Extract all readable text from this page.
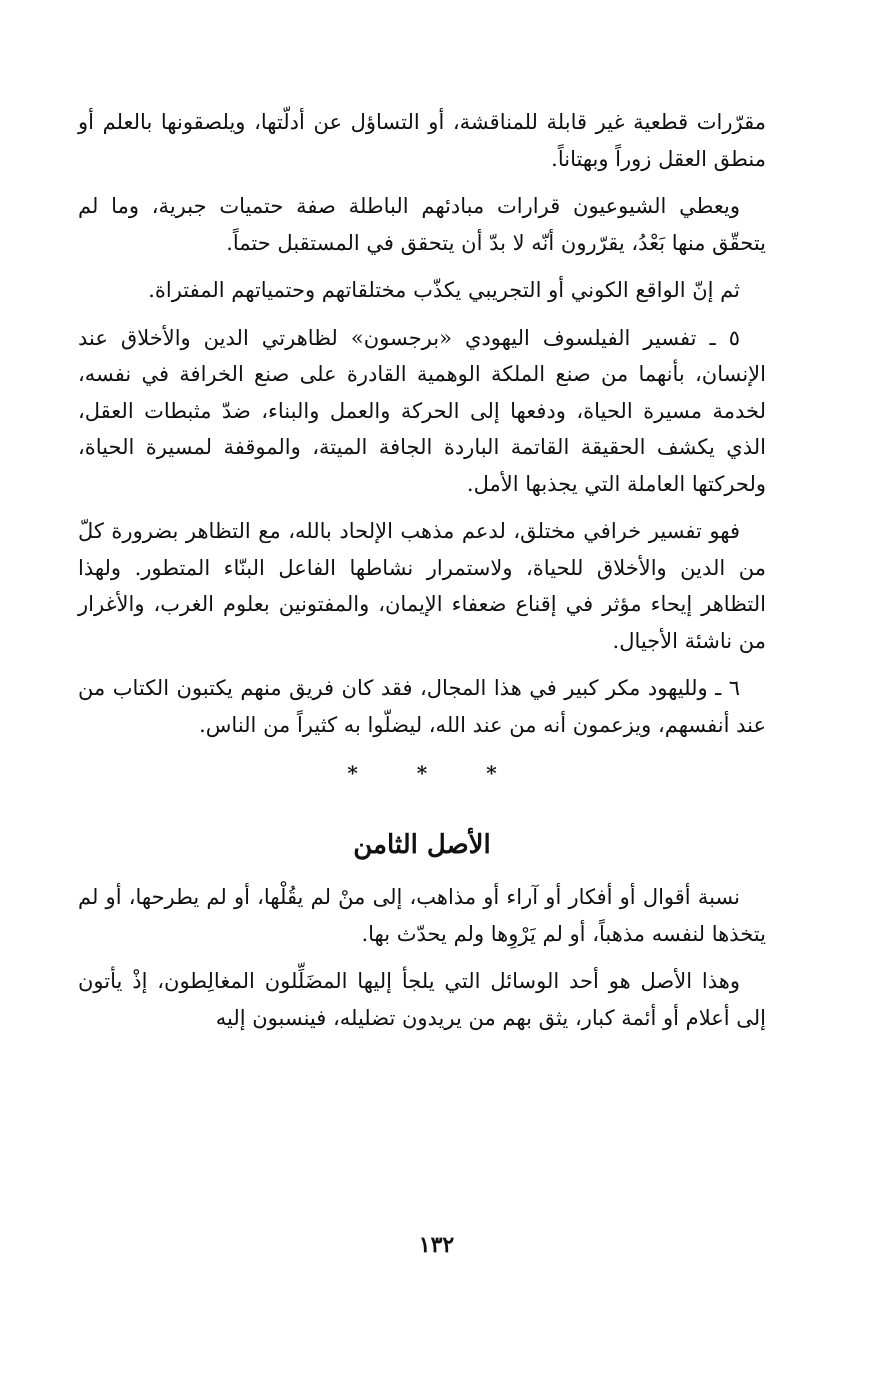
مقرّرات قطعية غير قابلة للمناقشة، أو التساؤل عن أدلّتها، ويلصقونها بالعلم أو منطق العقل زوراً وبهتاناً.

ويعطي الشيوعيون قرارات مبادئهم الباطلة صفة حتميات جبرية، وما لم يتحقّق منها بَعْدُ، يقرّرون أنّه لا بدّ أن يتحقق في المستقبل حتماً.

ثم إنّ الواقع الكوني أو التجريبي يكذّب مختلقاتهم وحتمياتهم المفتراة.

٥ ـ تفسير الفيلسوف اليهودي «برجسون» لظاهرتي الدين والأخلاق عند الإنسان، بأنهما من صنع الملكة الوهمية القادرة على صنع الخرافة في نفسه، لخدمة مسيرة الحياة، ودفعها إلى الحركة والعمل والبناء، ضدّ مثبطات العقل، الذي يكشف الحقيقة القاتمة الباردة الجافة الميتة، والموقفة لمسيرة الحياة، ولحركتها العاملة التي يجذبها الأمل.

فهو تفسير خرافي مختلق، لدعم مذهب الإلحاد بالله، مع التظاهر بضرورة كلّ من الدين والأخلاق للحياة، ولاستمرار نشاطها الفاعل البنّاء المتطور. ولهذا التظاهر إيحاء مؤثر في إقناع ضعفاء الإيمان، والمفتونين بعلوم الغرب، والأغرار من ناشئة الأجيال.

٦ ـ ولليهود مكر كبير في هذا المجال، فقد كان فريق منهم يكتبون الكتاب من عند أنفسهم، ويزعمون أنه من عند الله، ليضلّوا به كثيراً من الناس.

* * *
الأصل الثامن

نسبة أقوال أو أفكار أو آراء أو مذاهب، إلى منْ لم يقُلْها، أو لم يطرحها، أو لم يتخذها لنفسه مذهباً، أو لم يَرْوِها ولم يحدّث بها.

وهذا الأصل هو أحد الوسائل التي يلجأ إليها المضَلِّلون المغالِطون، إذْ يأتون إلى أعلام أو أئمة كبار، يثق بهم من يريدون تضليله، فينسبون إليه

١٣٢
